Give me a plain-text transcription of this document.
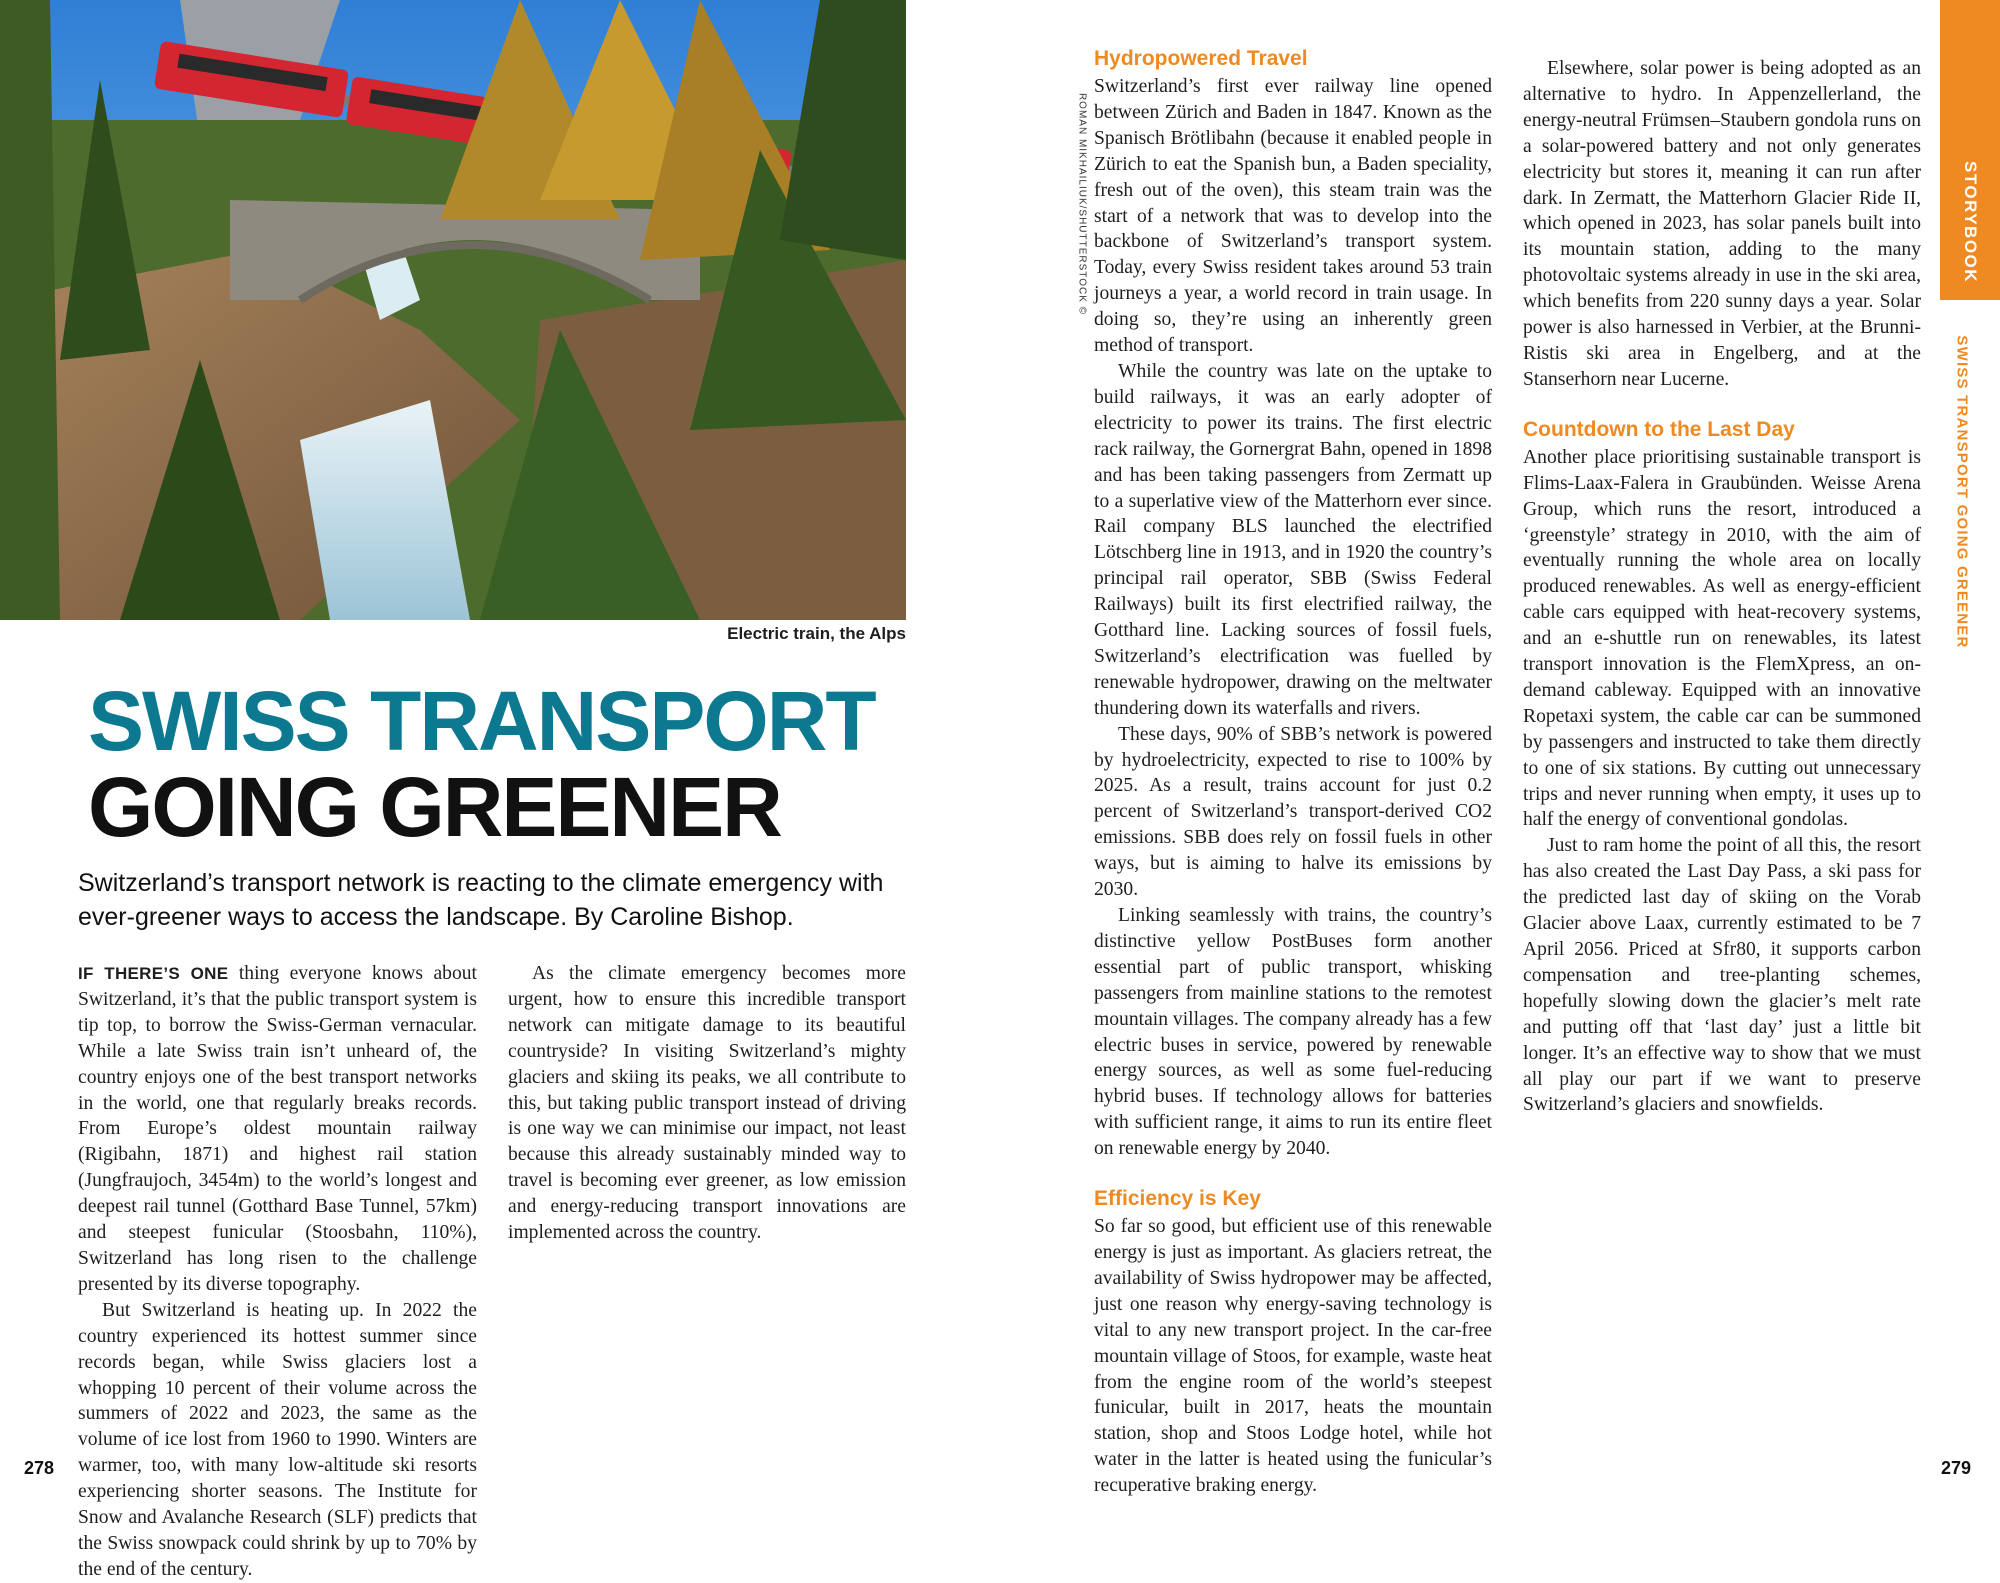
Electric train, the Alps
ROMAN MIKHAILIUK/SHUTTERSTOCK ©
SWISS TRANSPORT
GOING GREENER

Switzerland’s transport network is reacting to the climate emergency with ever-greener ways to access the landscape. By Caroline Bishop.

IF THERE’S ONE thing everyone knows about Switzerland, it’s that the public transport system is tip top, to borrow the Swiss-German vernacular. While a late Swiss train isn’t unheard of, the country enjoys one of the best transport networks in the world, one that regularly breaks records. From Europe’s oldest mountain railway (Rigibahn, 1871) and highest rail station (Jungfraujoch, 3454m) to the world’s longest and deepest rail tunnel (Gotthard Base Tunnel, 57km) and steepest funicular (Stoosbahn, 110%), Switzerland has long risen to the challenge presented by its diverse topography.

But Switzerland is heating up. In 2022 the country experienced its hottest summer since records began, while Swiss glaciers lost a whopping 10 percent of their volume across the summers of 2022 and 2023, the same as the volume of ice lost from 1960 to 1990. Winters are warmer, too, with many low-altitude ski resorts experiencing shorter seasons. The Institute for Snow and Avalanche Research (SLF) predicts that the Swiss snowpack could shrink by up to 70% by the end of the century.

As the climate emergency becomes more urgent, how to ensure this incredible transport network can mitigate damage to its beautiful countryside? In visiting Switzerland’s mighty glaciers and skiing its peaks, we all contribute to this, but taking public transport instead of driving is one way we can minimise our impact, not least because this already sustainably minded way to travel is becoming ever greener, as low emission and energy-reducing transport innovations are implemented across the country.

Hydropowered Travel

Switzerland’s first ever railway line opened between Zürich and Baden in 1847. Known as the Spanisch Brötlibahn (because it enabled people in Zürich to eat the Spanish bun, a Baden speciality, fresh out of the oven), this steam train was the start of a network that was to develop into the backbone of Switzerland’s transport system. Today, every Swiss resident takes around 53 train journeys a year, a world record in train usage. In doing so, they’re using an inherently green method of transport.

While the country was late on the uptake to build railways, it was an early adopter of electricity to power its trains. The first electric rack railway, the Gornergrat Bahn, opened in 1898 and has been taking passengers from Zermatt up to a superlative view of the Matterhorn ever since. Rail company BLS launched the electrified Lötschberg line in 1913, and in 1920 the country’s principal rail operator, SBB (Swiss Federal Railways) built its first electrified railway, the Gotthard line. Lacking sources of fossil fuels, Switzerland’s electrification was fuelled by renewable hydropower, drawing on the meltwater thundering down its waterfalls and rivers.

These days, 90% of SBB’s network is powered by hydroelectricity, expected to rise to 100% by 2025. As a result, trains account for just 0.2 percent of Switzerland’s transport-derived CO2 emissions. SBB does rely on fossil fuels in other ways, but is aiming to halve its emissions by 2030.

Linking seamlessly with trains, the country’s distinctive yellow PostBuses form another essential part of public transport, whisking passengers from mainline stations to the remotest mountain villages. The company already has a few electric buses in service, powered by renewable energy sources, as well as some fuel-reducing hybrid buses. If technology allows for batteries with sufficient range, it aims to run its entire fleet on renewable energy by 2040.

Efficiency is Key

So far so good, but efficient use of this renewable energy is just as important. As glaciers retreat, the availability of Swiss hydropower may be affected, just one reason why energy-saving technology is vital to any new transport project. In the car-free mountain village of Stoos, for example, waste heat from the engine room of the world’s steepest funicular, built in 2017, heats the mountain station, shop and Stoos Lodge hotel, while hot water in the latter is heated using the funicular’s recuperative braking energy.

Elsewhere, solar power is being adopted as an alternative to hydro. In Appenzellerland, the energy-neutral Frümsen–Staubern gondola runs on a solar-powered battery and not only generates electricity but stores it, meaning it can run after dark. In Zermatt, the Matterhorn Glacier Ride II, which opened in 2023, has solar panels built into its mountain station, adding to the many photovoltaic systems already in use in the ski area, which benefits from 220 sunny days a year. Solar power is also harnessed in Verbier, at the Brunni-Ristis ski area in Engelberg, and at the Stanserhorn near Lucerne.

Countdown to the Last Day

Another place prioritising sustainable transport is Flims-Laax-Falera in Graubünden. Weisse Arena Group, which runs the resort, introduced a ‘greenstyle’ strategy in 2010, with the aim of eventually running the whole area on locally produced renewables. As well as energy-efficient cable cars equipped with heat-recovery systems, and an e-shuttle run on renewables, its latest transport innovation is the FlemXpress, an on-demand cableway. Equipped with an innovative Ropetaxi system, the cable car can be summoned by passengers and instructed to take them directly to one of six stations. By cutting out unnecessary trips and never running when empty, it uses up to half the energy of conventional gondolas.

Just to ram home the point of all this, the resort has also created the Last Day Pass, a ski pass for the predicted last day of skiing on the Vorab Glacier above Laax, currently estimated to be 7 April 2056. Priced at Sfr80, it supports carbon compensation and tree-planting schemes, hopefully slowing down the glacier’s melt rate and putting off that ‘last day’ just a little bit longer. It’s an effective way to show that we must all play our part if we want to preserve Switzerland’s glaciers and snowfields.

STORYBOOK
SWISS TRANSPORT GOING GREENER
278	279
